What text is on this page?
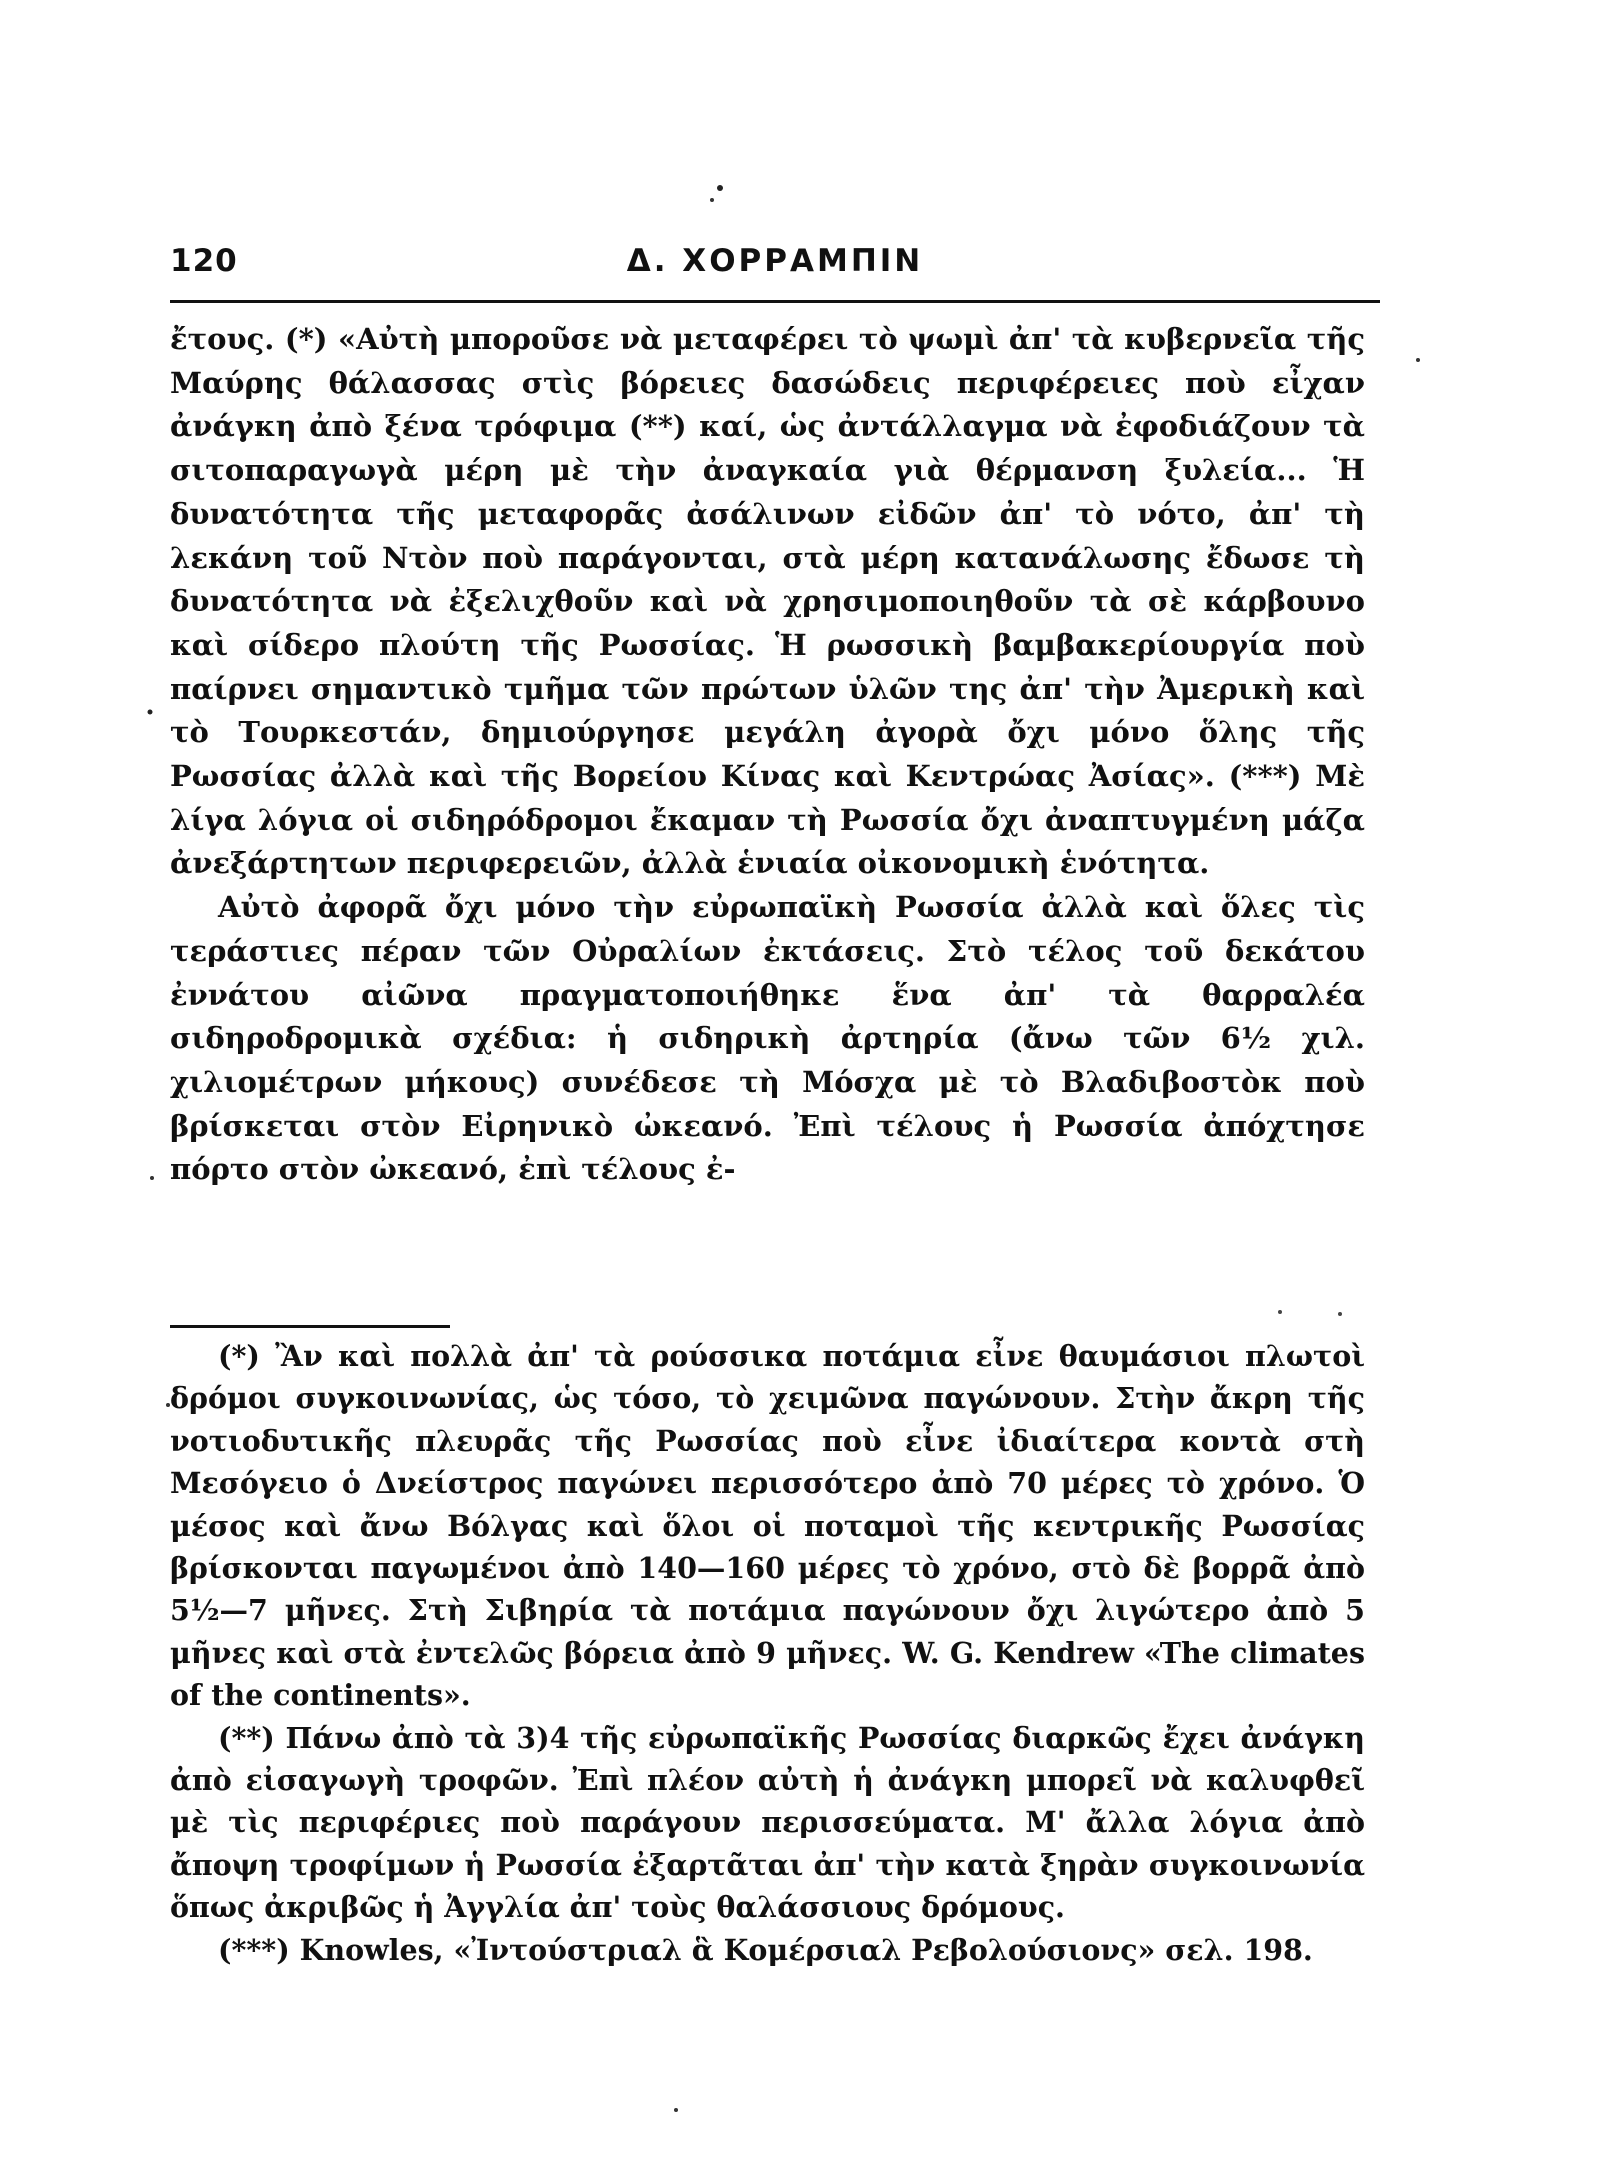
120	Δ. ΧΟΡΡΑΜΠΙΝ

ἔτους. (*) «Αὐτὴ μποροῦσε νὰ μεταφέρει τὸ ψωμὶ ἀπ' τὰ κυβερνεῖα τῆς Μαύρης θάλασσας στὶς βόρειες δασώδεις περιφέρειες ποὺ εἶχαν ἀνάγκη ἀπὸ ξένα τρόφιμα (**) καί, ὡς ἀντάλλαγμα νὰ ἐφοδιάζουν τὰ σιτοπαραγωγὰ μέρη μὲ τὴν ἀναγκαία γιὰ θέρμανση ξυλεία... Ἡ δυνατότητα τῆς μεταφορᾶς ἀσάλινων εἰδῶν ἀπ' τὸ νότο, ἀπ' τὴ λεκάνη τοῦ Ντὸν ποὺ παράγονται, στὰ μέρη κατανάλωσης ἔδωσε τὴ δυνατότητα νὰ ἐξελιχθοῦν καὶ νὰ χρησιμοποιηθοῦν τὰ σὲ κάρβουνο καὶ σίδερο πλούτη τῆς Ρωσσίας. Ἡ ρωσσικὴ βαμβακερίουργία ποὺ παίρνει σημαντικὸ τμῆμα τῶν πρώτων ὑλῶν της ἀπ' τὴν Ἀμερικὴ καὶ τὸ Τουρκεστάν, δημιούργησε μεγάλη ἀγορὰ ὄχι μόνο ὅλης τῆς Ρωσσίας ἀλλὰ καὶ τῆς Βορείου Κίνας καὶ Κεντρώας Ἀσίας». (***) Μὲ λίγα λόγια οἱ σιδηρόδρομοι ἔκαμαν τὴ Ρωσσία ὄχι ἀναπτυγμένη μάζα ἀνεξάρτητων περιφερειῶν, ἀλλὰ ἑνιαία οἰκονομικὴ ἑνότητα.

Αὐτὸ ἀφορᾶ ὄχι μόνο τὴν εὐρωπαϊκὴ Ρωσσία ἀλλὰ καὶ ὅλες τὶς τεράστιες πέραν τῶν Οὐραλίων ἐκτάσεις. Στὸ τέλος τοῦ δεκάτου ἐννάτου αἰῶνα πραγματοποιήθηκε ἕνα ἀπ' τὰ θαρραλέα σιδηροδρομικὰ σχέδια: ἡ σιδηρικὴ ἀρτηρία (ἄνω τῶν 6½ χιλ. χιλιομέτρων μήκους) συνέδεσε τὴ Μόσχα μὲ τὸ Βλαδιβοστὸκ ποὺ βρίσκεται στὸν Εἰρηνικὸ ὠκεανό. Ἐπὶ τέλους ἡ Ρωσσία ἀπόχτησε πόρτο στὸν ὠκεανό, ἐπὶ τέλους ἐ-

(*) Ἂν καὶ πολλὰ ἀπ' τὰ ρούσσικα ποτάμια εἶνε θαυμάσιοι πλωτοὶ δρόμοι συγκοινωνίας, ὡς τόσο, τὸ χειμῶνα παγώνουν. Στὴν ἄκρη τῆς νοτιοδυτικῆς πλευρᾶς τῆς Ρωσσίας ποὺ εἶνε ἰδιαίτερα κοντὰ στὴ Μεσόγειο ὁ Δνείστρος παγώνει περισσότερο ἀπὸ 70 μέρες τὸ χρόνο. Ὁ μέσος καὶ ἄνω Βόλγας καὶ ὅλοι οἱ ποταμοὶ τῆς κεντρικῆς Ρωσσίας βρίσκονται παγωμένοι ἀπὸ 140—160 μέρες τὸ χρόνο, στὸ δὲ βορρᾶ ἀπὸ 5½—7 μῆνες. Στὴ Σιβηρία τὰ ποτάμια παγώνουν ὄχι λιγώτερο ἀπὸ 5 μῆνες καὶ στὰ ἐντελῶς βόρεια ἀπὸ 9 μῆνες. W. G. Kendrew «The climates of the continents».

(**) Πάνω ἀπὸ τὰ 3)4 τῆς εὐρωπαϊκῆς Ρωσσίας διαρκῶς ἔχει ἀνάγκη ἀπὸ εἰσαγωγὴ τροφῶν. Ἐπὶ πλέον αὐτὴ ἡ ἀνάγκη μπορεῖ νὰ καλυφθεῖ μὲ τὶς περιφέριες ποὺ παράγουν περισσεύματα. Μ' ἄλλα λόγια ἀπὸ ἄποψη τροφίμων ἡ Ρωσσία ἐξαρτᾶται ἀπ' τὴν κατὰ ξηρὰν συγκοινωνία ὅπως ἀκριβῶς ἡ Ἀγγλία ἀπ' τοὺς θαλάσσιους δρόμους.

(***) Knowles, «Ἰντούστριαλ ἃ Κομέρσιαλ Ρεβολούσιονς» σελ. 198.
